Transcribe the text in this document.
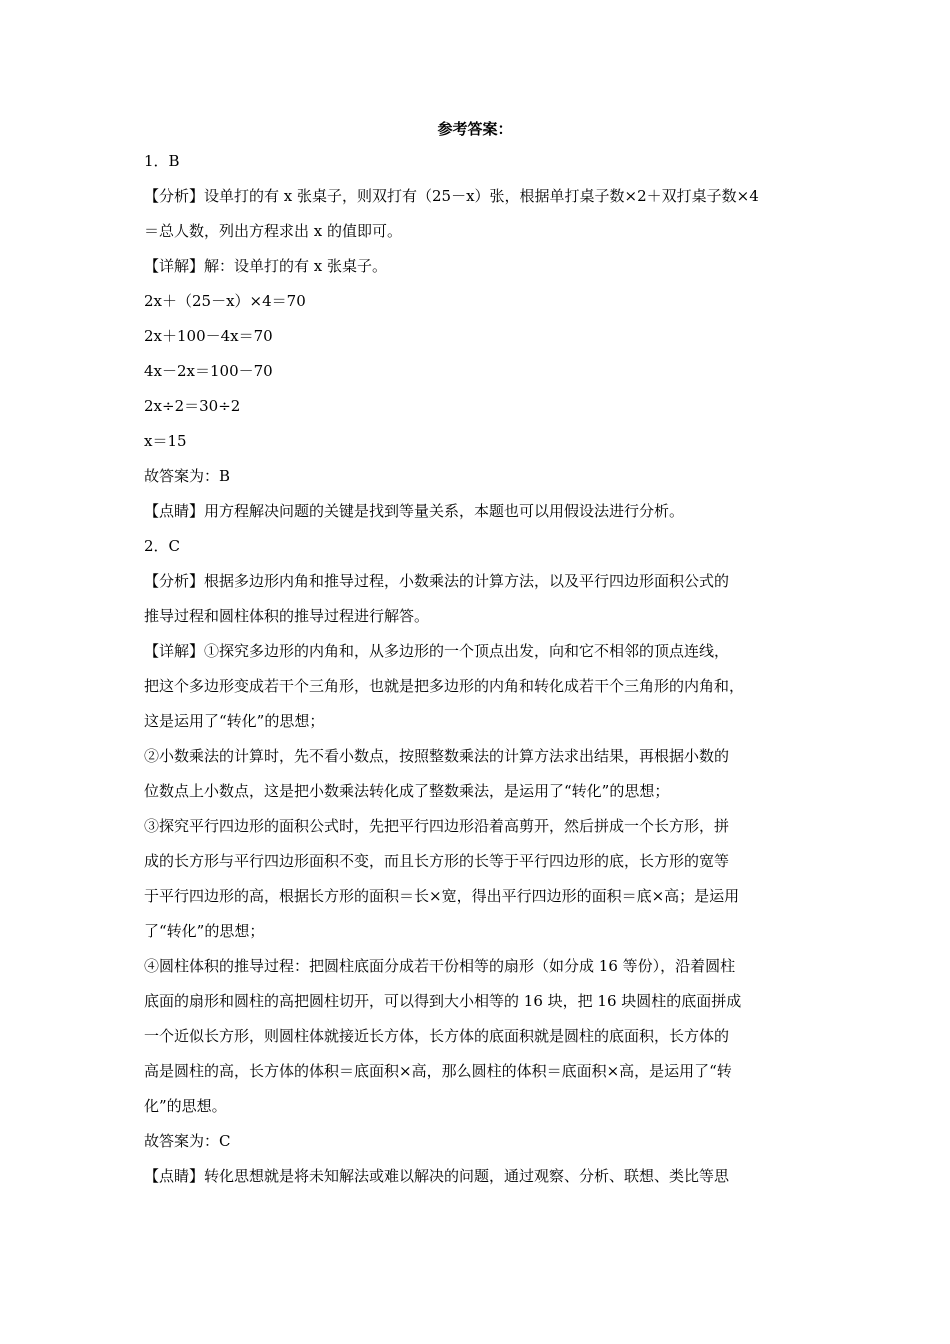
参考答案：
1．B
【分析】设单打的有 x 张桌子，则双打有（25－x）张，根据单打桌子数×2＋双打桌子数×4
＝总人数，列出方程求出 x 的值即可。
【详解】解：设单打的有 x 张桌子。
2x＋（25－x）×4＝70
2x＋100－4x＝70
4x－2x＝100－70
2x÷2＝30÷2
x＝15
故答案为：B
【点睛】用方程解决问题的关键是找到等量关系，本题也可以用假设法进行分析。
2．C
【分析】根据多边形内角和推导过程，小数乘法的计算方法，以及平行四边形面积公式的
推导过程和圆柱体积的推导过程进行解答。
【详解】①探究多边形的内角和，从多边形的一个顶点出发，向和它不相邻的顶点连线，
把这个多边形变成若干个三角形，也就是把多边形的内角和转化成若干个三角形的内角和，
这是运用了“转化”的思想；
②小数乘法的计算时，先不看小数点，按照整数乘法的计算方法求出结果，再根据小数的
位数点上小数点，这是把小数乘法转化成了整数乘法，是运用了“转化”的思想；
③探究平行四边形的面积公式时，先把平行四边形沿着高剪开，然后拼成一个长方形，拼
成的长方形与平行四边形面积不变，而且长方形的长等于平行四边形的底，长方形的宽等
于平行四边形的高，根据长方形的面积＝长×宽，得出平行四边形的面积＝底×高；是运用
了“转化”的思想；
④圆柱体积的推导过程：把圆柱底面分成若干份相等的扇形（如分成 16 等份），沿着圆柱
底面的扇形和圆柱的高把圆柱切开，可以得到大小相等的 16 块，把 16 块圆柱的底面拼成
一个近似长方形，则圆柱体就接近长方体，长方体的底面积就是圆柱的底面积，长方体的
高是圆柱的高，长方体的体积＝底面积×高，那么圆柱的体积＝底面积×高，是运用了“转
化”的思想。
故答案为：C
【点睛】转化思想就是将未知解法或难以解决的问题，通过观察、分析、联想、类比等思
